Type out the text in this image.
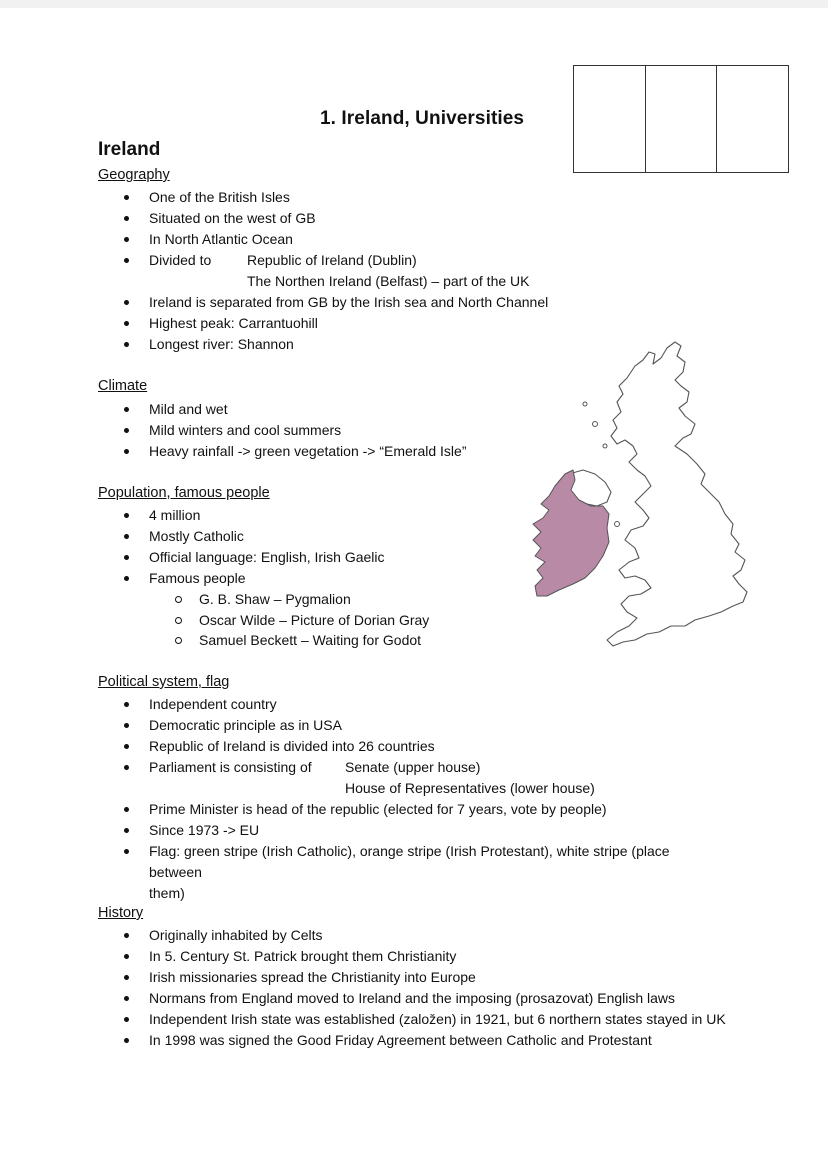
1. Ireland, Universities
Ireland
Geography
One of the British Isles
Situated on the west of GB
In North Atlantic Ocean
Divided to	Republic of Ireland (Dublin)
The Northen Ireland (Belfast) – part of the UK
Ireland is separated from GB by the Irish sea and North Channel
Highest peak: Carrantuohill
Longest river: Shannon
Climate
Mild and wet
Mild winters and cool summers
Heavy rainfall -> green vegetation -> “Emerald Isle”
Population, famous people
4 million
Mostly Catholic
Official language: English, Irish Gaelic
Famous people
G. B. Shaw – Pygmalion
Oscar Wilde – Picture of Dorian Gray
Samuel Beckett – Waiting for Godot
Political system, flag
Independent country
Democratic principle as in USA
Republic of Ireland is divided into 26 countries
Parliament is consisting of Senate (upper house)
House of Representatives (lower house)
Prime Minister is head of the republic (elected for 7 years, vote by people)
Since 1973 -> EU
Flag: green stripe (Irish Catholic), orange stripe (Irish Protestant), white stripe (place between
them)
History
Originally inhabited by Celts
In 5. Century St. Patrick brought them Christianity
Irish missionaries spread the Christianity into Europe
Normans from England moved to Ireland and the imposing (prosazovat) English laws
Independent Irish state was established (založen) in 1921, but 6 northern states stayed in UK
In 1998 was signed the Good Friday Agreement between Catholic and Protestant
